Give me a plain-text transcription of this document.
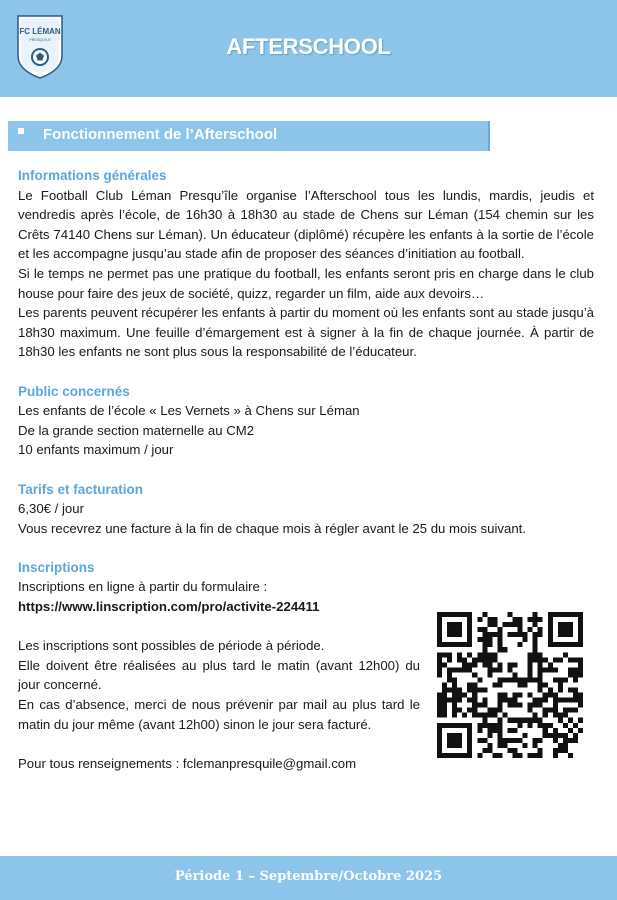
FC LÉMAN
PRESQU'ILE	AFTERSCHOOL
Fonctionnement de l’Afterschool
Informations générales

Le Football Club Léman Presqu’île organise l’Afterschool tous les lundis, mardis, jeudis et vendredis après l’école, de 16h30 à 18h30 au stade de Chens sur Léman (154 chemin sur les Crêts 74140 Chens sur Léman). Un éducateur (diplômé) récupère les enfants à la sortie de l’école et les accompagne jusqu’au stade afin de proposer des séances d’initiation au football.

Si le temps ne permet pas une pratique du football, les enfants seront pris en charge dans le club house pour faire des jeux de société, quizz, regarder un film, aide aux devoirs…

Les parents peuvent récupérer les enfants à partir du moment où les enfants sont au stade jusqu’à 18h30 maximum. Une feuille d’émargement est à signer à la fin de chaque journée. À partir de 18h30 les enfants ne sont plus sous la responsabilité de l’éducateur.

Public concernés

Les enfants de l’école « Les Vernets » à Chens sur Léman

De la grande section maternelle au CM2

10 enfants maximum / jour

Tarifs et facturation

6,30€ / jour

Vous recevrez une facture à la fin de chaque mois à régler avant le 25 du mois suivant.

Inscriptions

Inscriptions en ligne à partir du formulaire :

https://www.linscription.com/pro/activite-224411

Les inscriptions sont possibles de période à période.

Elle doivent être réalisées au plus tard le matin (avant 12h00) du jour concerné.

En cas d’absence, merci de nous prévenir par mail au plus tard le matin du jour même (avant 12h00) sinon le jour sera facturé.

Pour tous renseignements : fclemanpresquile@gmail.com

Période 1 – Septembre/Octobre 2025
